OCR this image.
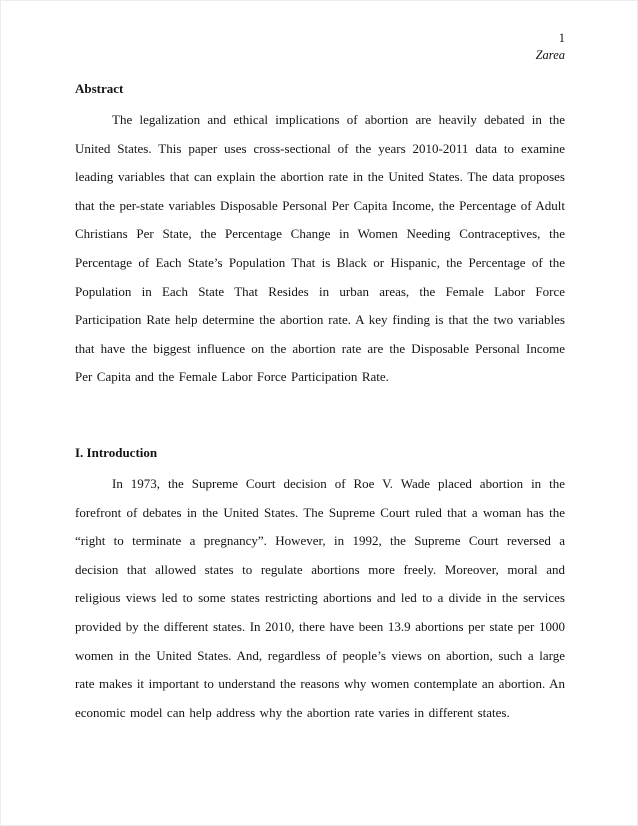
1
Zarea
Abstract

The legalization and ethical implications of abortion are heavily debated in the United States. This paper uses cross-sectional of the years 2010-2011 data to examine leading variables that can explain the abortion rate in the United States. The data proposes that the per-state variables Disposable Personal Per Capita Income, the Percentage of Adult Christians Per State, the Percentage Change in Women Needing Contraceptives, the Percentage of Each State’s Population That is Black or Hispanic, the Percentage of the Population in Each State That Resides in urban areas, the Female Labor Force Participation Rate help determine the abortion rate. A key finding is that the two variables that have the biggest influence on the abortion rate are the Disposable Personal Income Per Capita and the Female Labor Force Participation Rate.

I. Introduction

In 1973, the Supreme Court decision of Roe V. Wade placed abortion in the forefront of debates in the United States. The Supreme Court ruled that a woman has the “right to terminate a pregnancy”. However, in 1992, the Supreme Court reversed a decision that allowed states to regulate abortions more freely. Moreover, moral and religious views led to some states restricting abortions and led to a divide in the services provided by the different states. In 2010, there have been 13.9 abortions per state per 1000 women in the United States. And, regardless of people’s views on abortion, such a large rate makes it important to understand the reasons why women contemplate an abortion. An economic model can help address why the abortion rate varies in different states.
